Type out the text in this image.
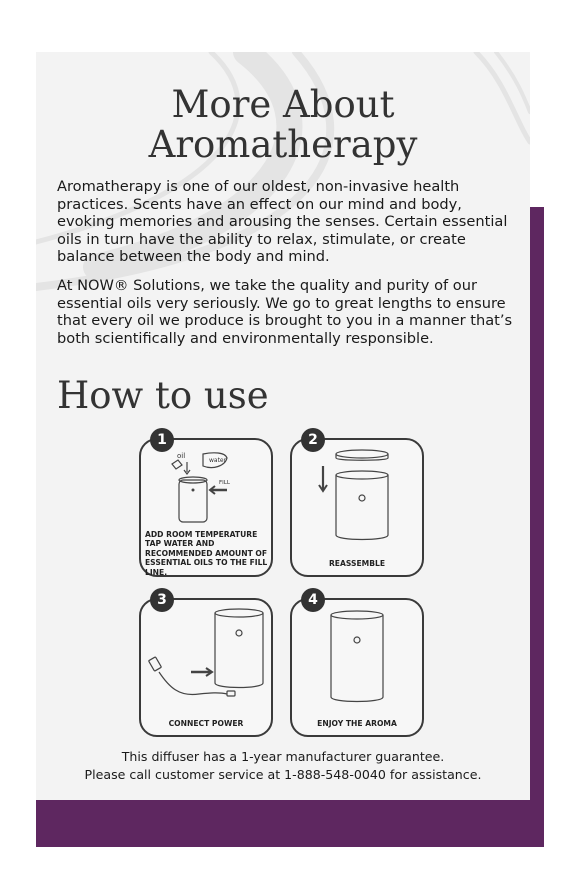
More About
Aromatherapy
Aromatherapy is one of our oldest, non-invasive health practices. Scents have an effect on our mind and body, evoking memories and arousing the senses. Certain essential oils in turn have the ability to relax, stimulate, or create balance between the body and mind.
At NOW® Solutions, we take the quality and purity of our essential oils very seriously. We go to great lengths to ensure that every oil we produce is brought to you in a manner that’s both scientifically and environmentally responsible.
How to use
1
oil
water
FILL
ADD ROOM TEMPERATURE TAP WATER AND RECOMMENDED AMOUNT OF ESSENTIAL OILS TO THE FILL LINE.
2
REASSEMBLE
3
CONNECT POWER
4
ENJOY THE AROMA
This diffuser has a 1-year manufacturer guarantee.
Please call customer service at 1-888-548-0040 for assistance.
